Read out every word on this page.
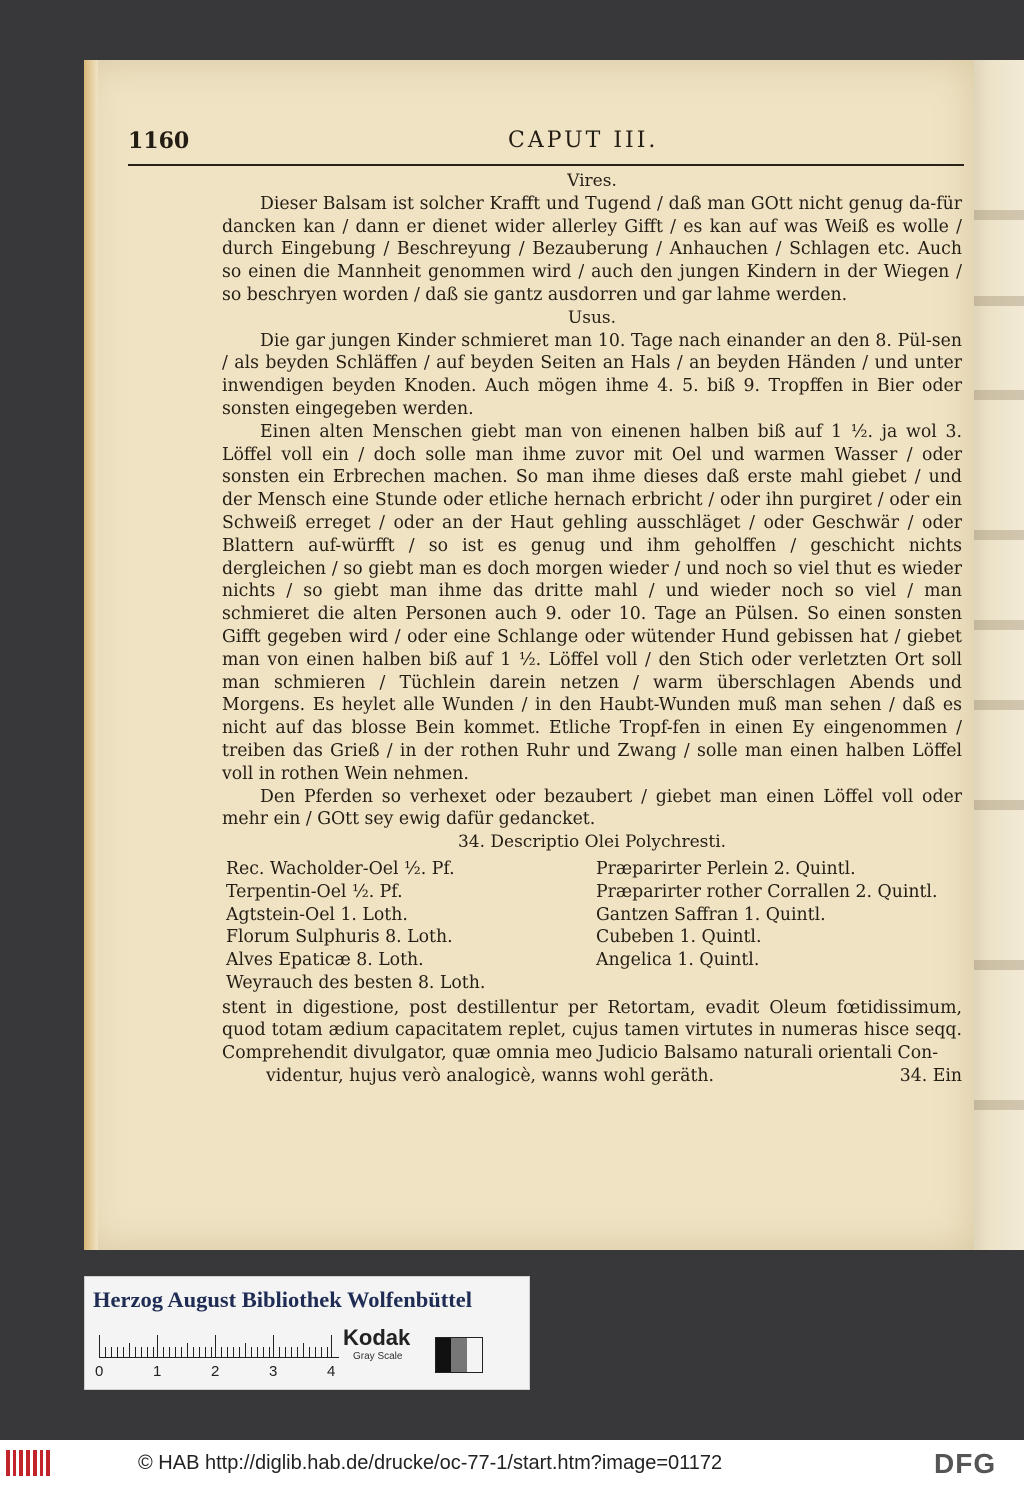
1160	CAPUT III.

Vires.

Dieser Balsam ist solcher Krafft und Tugend / daß man GOtt nicht genug da-für dancken kan / dann er dienet wider allerley Gifft / es kan auf was Weiß es wolle / durch Eingebung / Beschreyung / Bezauberung / Anhauchen / Schlagen etc. Auch so einen die Mannheit genommen wird / auch den jungen Kindern in der Wiegen / so beschryen worden / daß sie gantz ausdorren und gar lahme werden.

Usus.

Die gar jungen Kinder schmieret man 10. Tage nach einander an den 8. Pül-sen / als beyden Schläffen / auf beyden Seiten an Hals / an beyden Händen / und unter inwendigen beyden Knoden. Auch mögen ihme 4. 5. biß 9. Tropffen in Bier oder sonsten eingegeben werden.

Einen alten Menschen giebt man von einenen halben biß auf 1 ½. ja wol 3. Löffel voll ein / doch solle man ihme zuvor mit Oel und warmen Wasser / oder sonsten ein Erbrechen machen. So man ihme dieses daß erste mahl giebet / und der Mensch eine Stunde oder etliche hernach erbricht / oder ihn purgiret / oder ein Schweiß erreget / oder an der Haut gehling ausschläget / oder Geschwär / oder Blattern auf-würfft / so ist es genug und ihm geholffen / geschicht nichts dergleichen / so giebt man es doch morgen wieder / und noch so viel thut es wieder nichts / so giebt man ihme das dritte mahl / und wieder noch so viel / man schmieret die alten Personen auch 9. oder 10. Tage an Pülsen. So einen sonsten Gifft gegeben wird / oder eine Schlange oder wütender Hund gebissen hat / giebet man von einen halben biß auf 1 ½. Löffel voll / den Stich oder verletzten Ort soll man schmieren / Tüchlein darein netzen / warm überschlagen Abends und Morgens. Es heylet alle Wunden / in den Haubt-Wunden muß man sehen / daß es nicht auf das blosse Bein kommet. Etliche Tropf-fen in einen Ey eingenommen / treiben das Grieß / in der rothen Ruhr und Zwang / solle man einen halben Löffel voll in rothen Wein nehmen.

Den Pferden so verhexet oder bezaubert / giebet man einen Löffel voll oder mehr ein / GOtt sey ewig dafür gedancket.

34. Descriptio Olei Polychresti.

Rec. Wacholder-Oel ½. Pf.
Terpentin-Oel ½. Pf.
Agtstein-Oel 1. Loth.
Florum Sulphuris 8. Loth.
Alves Epaticæ 8. Loth.
Weyrauch des besten 8. Loth.
Præparirter Perlein 2. Quintl.
Præparirter rother Corrallen 2. Quintl.
Gantzen Saffran 1. Quintl.
Cubeben 1. Quintl.
Angelica 1. Quintl.

stent in digestione, post destillentur per Retortam, evadit Oleum fœtidissimum, quod totam ædium capacitatem replet, cujus tamen virtutes in numeras hisce seqq. Comprehendit divulgator, quæ omnia meo Judicio Balsamo naturali orientali Con-

videntur, hujus verò analogicè, wanns wohl geräth.	34. Ein

Herzog August Bibliothek Wolfenbüttel
0	1	2	3	4
Kodak
Gray Scale
© HAB http://diglib.hab.de/drucke/oc-77-1/start.htm?image=01172	DFG
